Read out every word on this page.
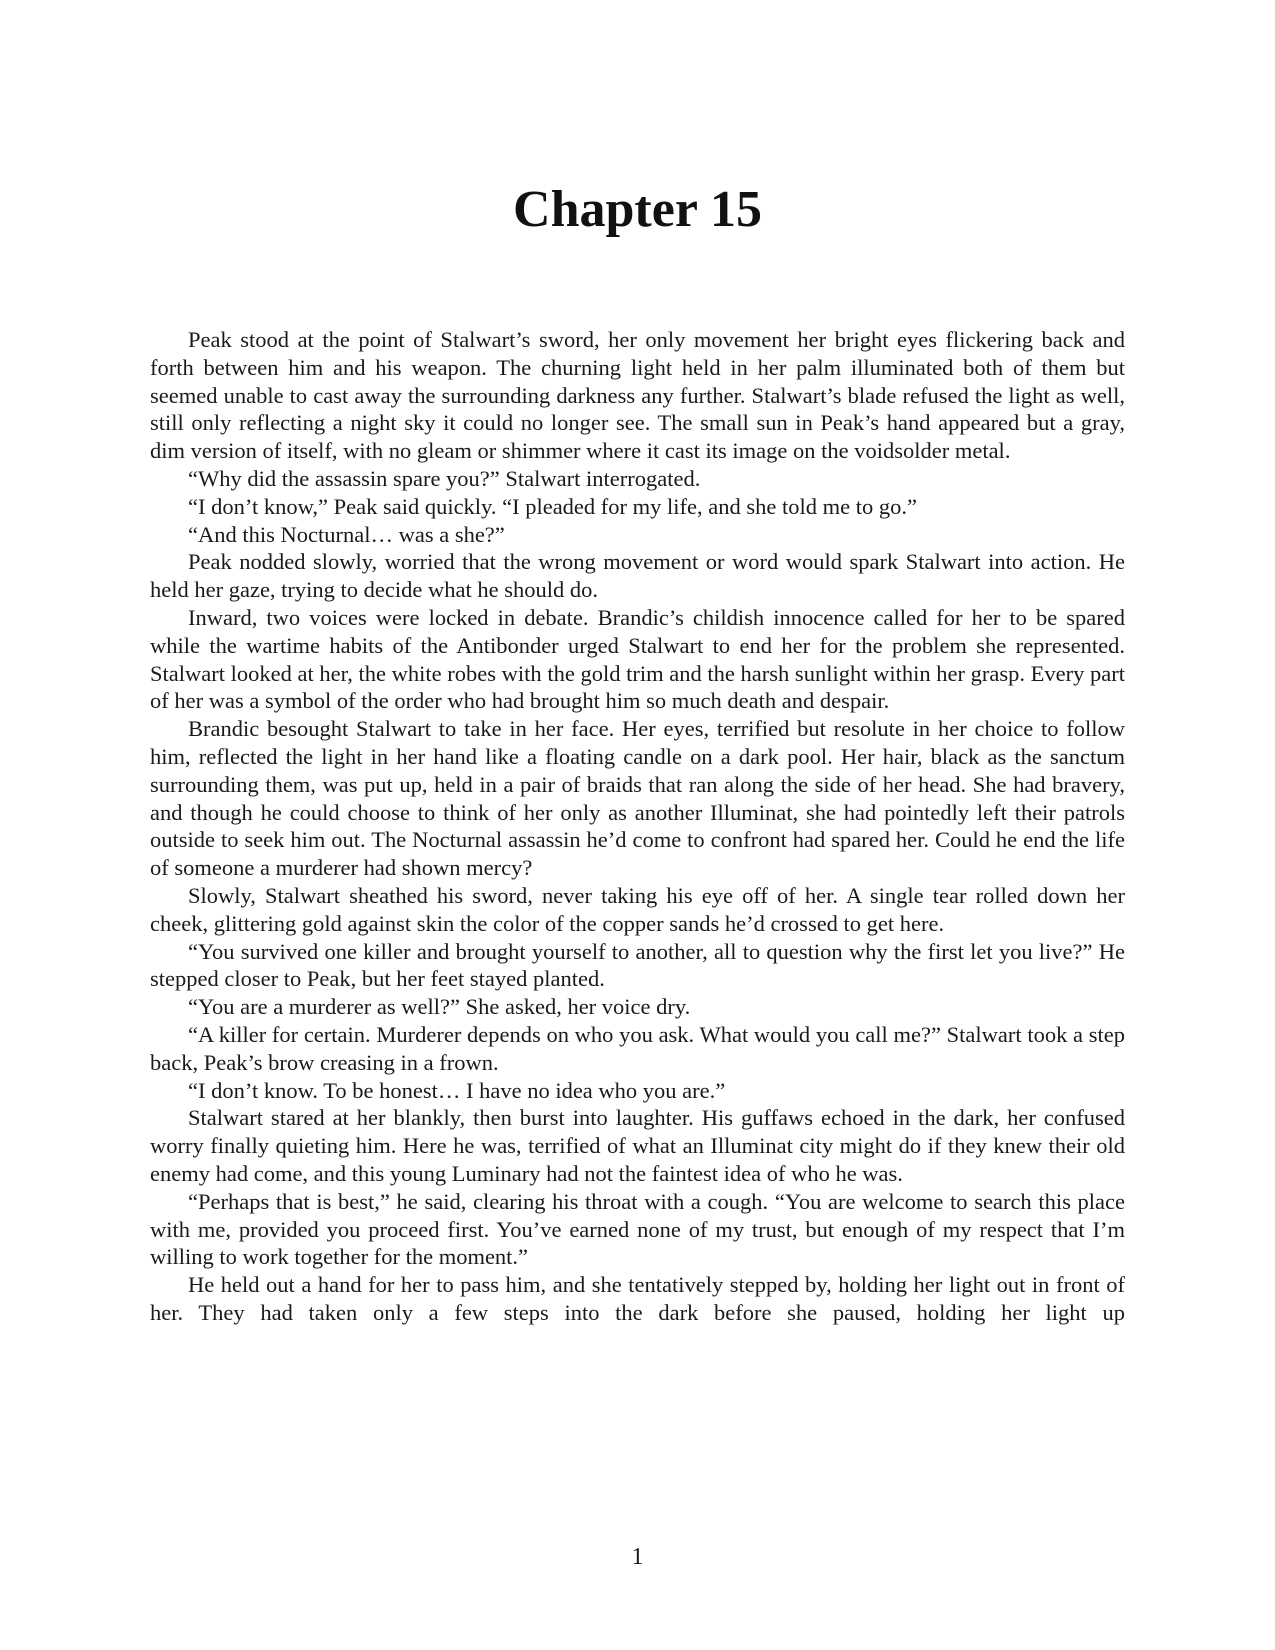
Chapter 15

Peak stood at the point of Stalwart’s sword, her only movement her bright eyes flickering back and forth between him and his weapon. The churning light held in her palm illuminated both of them but seemed unable to cast away the surrounding darkness any further. Stalwart’s blade refused the light as well, still only reflecting a night sky it could no longer see. The small sun in Peak’s hand appeared but a gray, dim version of itself, with no gleam or shimmer where it cast its image on the voidsolder metal.

“Why did the assassin spare you?” Stalwart interrogated.

“I don’t know,” Peak said quickly. “I pleaded for my life, and she told me to go.”

“And this Nocturnal… was a she?”

Peak nodded slowly, worried that the wrong movement or word would spark Stalwart into action. He held her gaze, trying to decide what he should do.

Inward, two voices were locked in debate. Brandic’s childish innocence called for her to be spared while the wartime habits of the Antibonder urged Stalwart to end her for the problem she represented. Stalwart looked at her, the white robes with the gold trim and the harsh sunlight within her grasp. Every part of her was a symbol of the order who had brought him so much death and despair.

Brandic besought Stalwart to take in her face. Her eyes, terrified but resolute in her choice to follow him, reflected the light in her hand like a floating candle on a dark pool. Her hair, black as the sanctum surrounding them, was put up, held in a pair of braids that ran along the side of her head. She had bravery, and though he could choose to think of her only as another Illuminat, she had pointedly left their patrols outside to seek him out. The Nocturnal assassin he’d come to confront had spared her. Could he end the life of someone a murderer had shown mercy?

Slowly, Stalwart sheathed his sword, never taking his eye off of her. A single tear rolled down her cheek, glittering gold against skin the color of the copper sands he’d crossed to get here.

“You survived one killer and brought yourself to another, all to question why the first let you live?” He stepped closer to Peak, but her feet stayed planted.

“You are a murderer as well?” She asked, her voice dry.

“A killer for certain. Murderer depends on who you ask. What would you call me?” Stalwart took a step back, Peak’s brow creasing in a frown.

“I don’t know. To be honest… I have no idea who you are.”

Stalwart stared at her blankly, then burst into laughter. His guffaws echoed in the dark, her confused worry finally quieting him. Here he was, terrified of what an Illuminat city might do if they knew their old enemy had come, and this young Luminary had not the faintest idea of who he was.

“Perhaps that is best,” he said, clearing his throat with a cough. “You are welcome to search this place with me, provided you proceed first. You’ve earned none of my trust, but enough of my respect that I’m willing to work together for the moment.”

He held out a hand for her to pass him, and she tentatively stepped by, holding her light out in front of her. They had taken only a few steps into the dark before she paused, holding her light up

1
